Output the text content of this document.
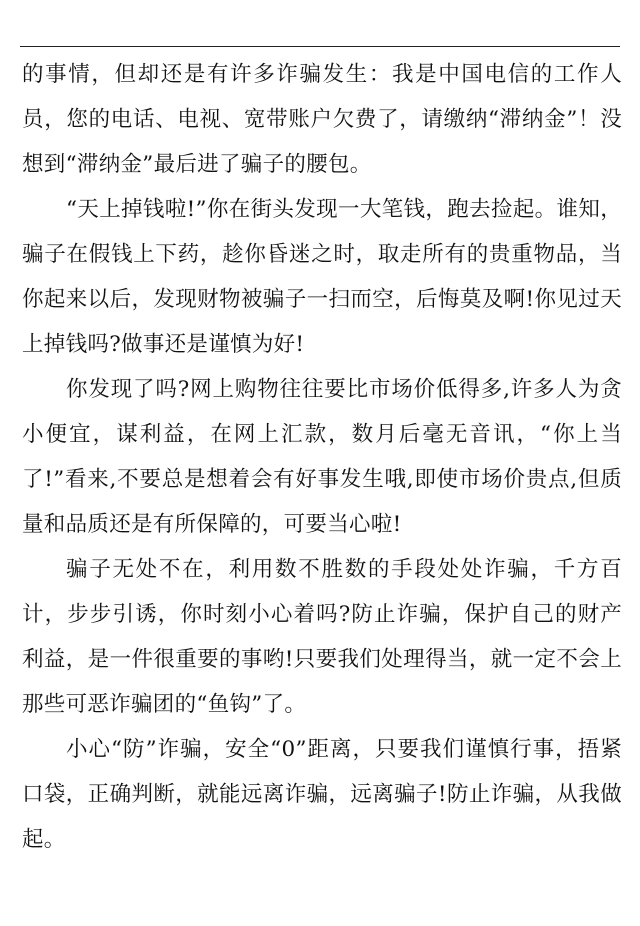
的事情，但却还是有许多诈骗发生：我是中国电信的工作人员，您的电话、电视、宽带账户欠费了，请缴纳“滞纳金”！没想到“滞纳金”最后进了骗子的腰包。

“天上掉钱啦!”你在街头发现一大笔钱，跑去捡起。谁知，骗子在假钱上下药，趁你昏迷之时，取走所有的贵重物品，当你起来以后，发现财物被骗子一扫而空，后悔莫及啊!你见过天上掉钱吗?做事还是谨慎为好!

你发现了吗?网上购物往往要比市场价低得多,许多人为贪小便宜，谋利益，在网上汇款，数月后毫无音讯，“你上当了!”看来,不要总是想着会有好事发生哦,即使市场价贵点,但质量和品质还是有所保障的，可要当心啦!

骗子无处不在，利用数不胜数的手段处处诈骗，千方百计，步步引诱，你时刻小心着吗?防止诈骗，保护自己的财产利益，是一件很重要的事哟!只要我们处理得当，就一定不会上那些可恶诈骗团的“鱼钩”了。

小心“防”诈骗，安全“0”距离，只要我们谨慎行事，捂紧口袋，正确判断，就能远离诈骗，远离骗子!防止诈骗，从我做起。
